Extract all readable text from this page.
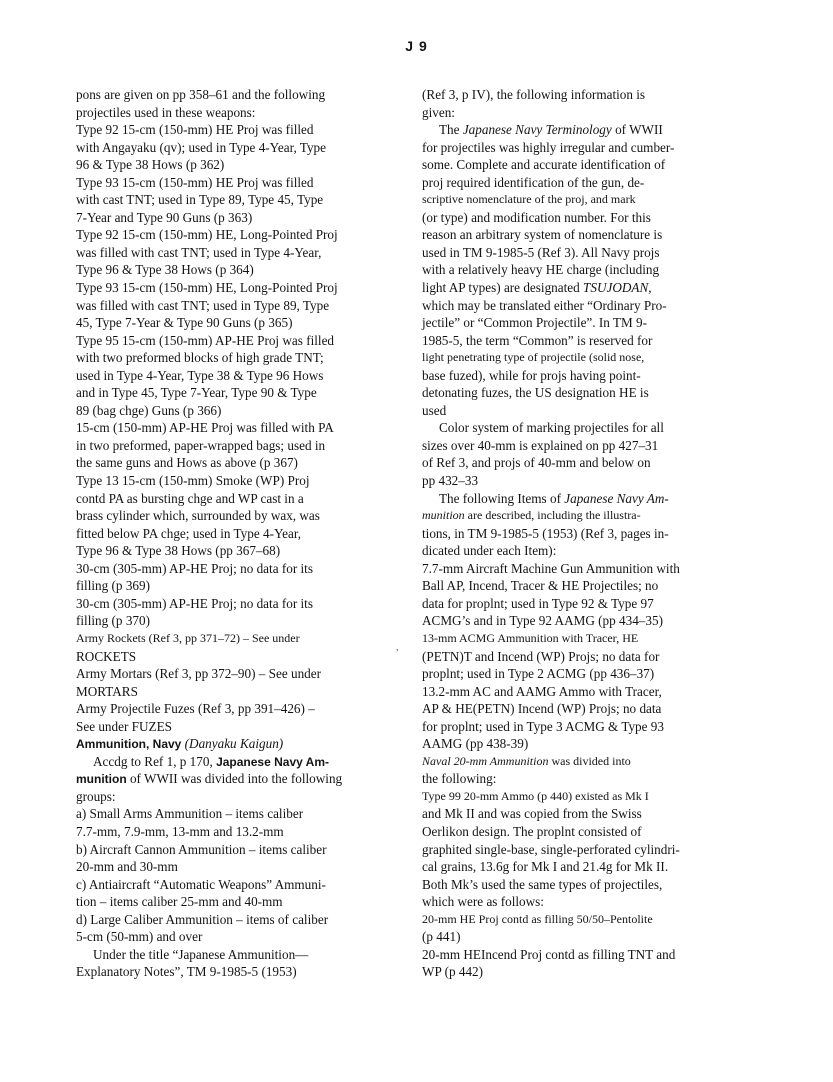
J 9
pons are given on pp 358–61 and the following
projectiles used in these weapons:
Type 92 15-cm (150-mm) HE Proj was filled
with Angayaku (qv); used in Type 4-Year, Type
96 & Type 38 Hows (p 362)
Type 93 15-cm (150-mm) HE Proj was filled
with cast TNT; used in Type 89, Type 45, Type
7-Year and Type 90 Guns (p 363)
Type 92 15-cm (150-mm) HE, Long-Pointed Proj
was filled with cast TNT; used in Type 4-Year,
Type 96 & Type 38 Hows (p 364)
Type 93 15-cm (150-mm) HE, Long-Pointed Proj
was filled with cast TNT; used in Type 89, Type
45, Type 7-Year & Type 90 Guns (p 365)
Type 95 15-cm (150-mm) AP-HE Proj was filled
with two preformed blocks of high grade TNT;
used in Type 4-Year, Type 38 & Type 96 Hows
and in Type 45, Type 7-Year, Type 90 & Type
89 (bag chge) Guns (p 366)
15-cm (150-mm) AP-HE Proj was filled with PA
in two preformed, paper-wrapped bags; used in
the same guns and Hows as above (p 367)
Type 13 15-cm (150-mm) Smoke (WP) Proj
contd PA as bursting chge and WP cast in a
brass cylinder which, surrounded by wax, was
fitted below PA chge; used in Type 4-Year,
Type 96 & Type 38 Hows (pp 367–68)
30-cm (305-mm) AP-HE Proj; no data for its
filling (p 369)
30-cm (305-mm) AP-HE Proj; no data for its
filling (p 370)
Army Rockets (Ref 3, pp 371–72) – See under
ROCKETS
Army Mortars (Ref 3, pp 372–90) – See under
MORTARS
Army Projectile Fuzes (Ref 3, pp 391–426) –
See under FUZES
Ammunition, Navy (Danyaku Kaigun)
Accdg to Ref 1, p 170, Japanese Navy Am-
munition of WWII was divided into the following
groups:
a) Small Arms Ammunition – items caliber
7.7-mm, 7.9-mm, 13-mm and 13.2-mm
b) Aircraft Cannon Ammunition – items caliber
20-mm and 30-mm
c) Antiaircraft “Automatic Weapons” Ammuni-
tion – items caliber 25-mm and 40-mm
d) Large Caliber Ammunition – items of caliber
5-cm (50-mm) and over
Under the title “Japanese Ammunition—
Explanatory Notes”, TM 9-1985-5 (1953)
(Ref 3, p IV), the following information is
given:
The Japanese Navy Terminology of WWII
for projectiles was highly irregular and cumber-
some. Complete and accurate identification of
proj required identification of the gun, de-
scriptive nomenclature of the proj, and mark
(or type) and modification number. For this
reason an arbitrary system of nomenclature is
used in TM 9-1985-5 (Ref 3). All Navy projs
with a relatively heavy HE charge (including
light AP types) are designated TSUJODAN,
which may be translated either “Ordinary Pro-
jectile” or “Common Projectile”. In TM 9-
1985-5, the term “Common” is reserved for
light penetrating type of projectile (solid nose,
base fuzed), while for projs having point-
detonating fuzes, the US designation HE is
used
Color system of marking projectiles for all
sizes over 40-mm is explained on pp 427–31
of Ref 3, and projs of 40-mm and below on
pp 432–33
The following Items of Japanese Navy Am-
munition are described, including the illustra-
tions, in TM 9-1985-5 (1953) (Ref 3, pages in-
dicated under each Item):
7.7-mm Aircraft Machine Gun Ammunition with
Ball AP, Incend, Tracer & HE Projectiles; no
data for proplnt; used in Type 92 & Type 97
ACMG’s and in Type 92 AAMG (pp 434–35)
13-mm ACMG Ammunition with Tracer, HE
(PETN)T and Incend (WP) Projs; no data for
proplnt; used in Type 2 ACMG (pp 436–37)
13.2-mm AC and AAMG Ammo with Tracer,
AP & HE(PETN) Incend (WP) Projs; no data
for proplnt; used in Type 3 ACMG & Type 93
AAMG (pp 438-39)
Naval 20-mm Ammunition was divided into
the following:
Type 99 20-mm Ammo (p 440) existed as Mk I
and Mk II and was copied from the Swiss
Oerlikon design. The proplnt consisted of
graphited single-base, single-perforated cylindri-
cal grains, 13.6g for Mk I and 21.4g for Mk II.
Both Mk’s used the same types of projectiles,
which were as follows:
20-mm HE Proj contd as filling 50/50–Pentolite
(p 441)
20-mm HEIncend Proj contd as filling TNT and
WP (p 442)
,
